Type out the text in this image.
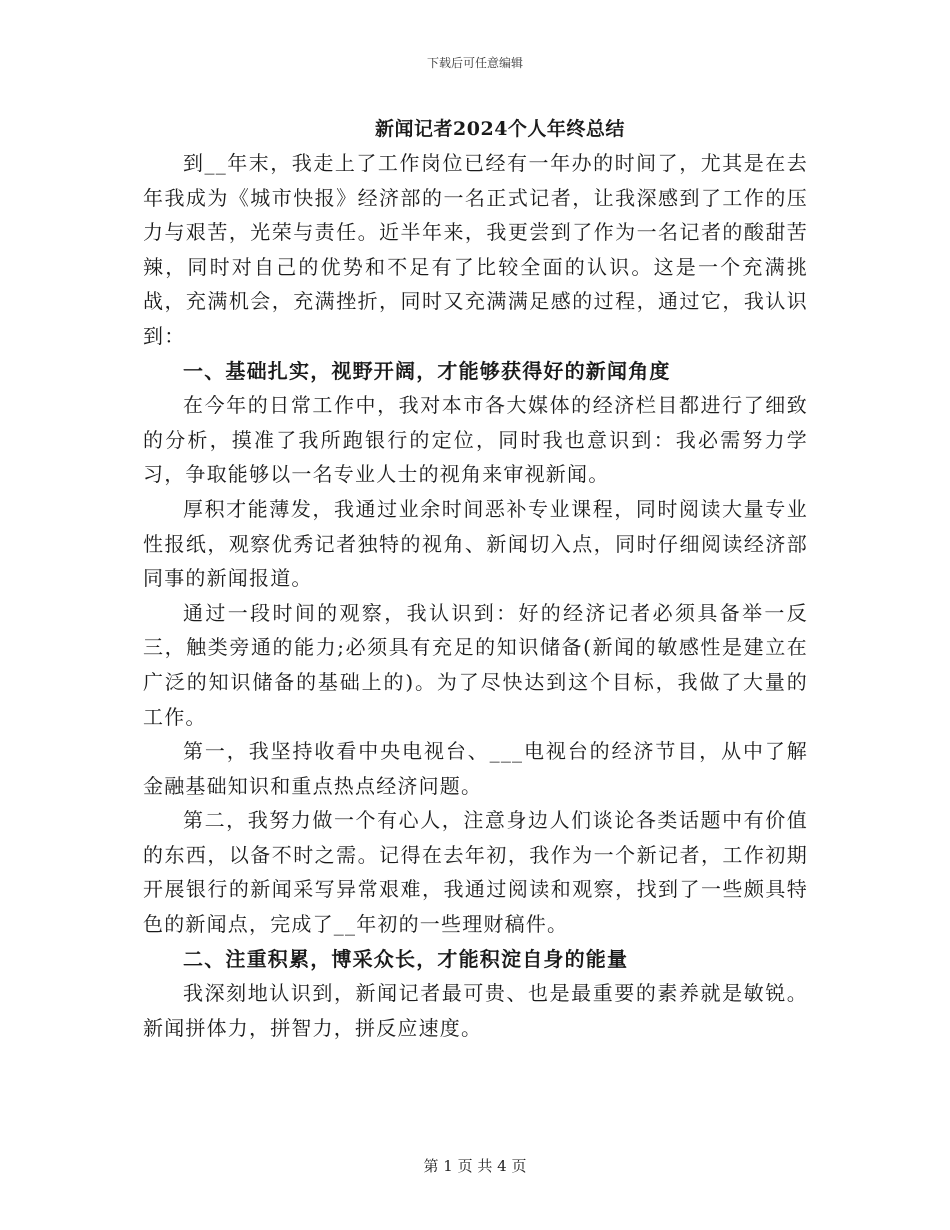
下载后可任意编辑
新闻记者2024个人年终总结

到__年末，我走上了工作岗位已经有一年办的时间了，尤其是在去年我成为《城市快报》经济部的一名正式记者，让我深感到了工作的压力与艰苦，光荣与责任。近半年来，我更尝到了作为一名记者的酸甜苦辣，同时对自己的优势和不足有了比较全面的认识。这是一个充满挑战，充满机会，充满挫折，同时又充满满足感的过程，通过它，我认识到：

一、基础扎实，视野开阔，才能够获得好的新闻角度

在今年的日常工作中，我对本市各大媒体的经济栏目都进行了细致的分析，摸准了我所跑银行的定位，同时我也意识到：我必需努力学习，争取能够以一名专业人士的视角来审视新闻。

厚积才能薄发，我通过业余时间恶补专业课程，同时阅读大量专业性报纸，观察优秀记者独特的视角、新闻切入点，同时仔细阅读经济部同事的新闻报道。

通过一段时间的观察，我认识到：好的经济记者必须具备举一反三，触类旁通的能力;必须具有充足的知识储备(新闻的敏感性是建立在广泛的知识储备的基础上的)。为了尽快达到这个目标，我做了大量的工作。

第一，我坚持收看中央电视台、___电视台的经济节目，从中了解金融基础知识和重点热点经济问题。

第二，我努力做一个有心人，注意身边人们谈论各类话题中有价值的东西，以备不时之需。记得在去年初，我作为一个新记者，工作初期开展银行的新闻采写异常艰难，我通过阅读和观察，找到了一些颇具特色的新闻点，完成了__年初的一些理财稿件。

二、注重积累，博采众长，才能积淀自身的能量

我深刻地认识到，新闻记者最可贵、也是最重要的素养就是敏锐。新闻拼体力，拼智力，拼反应速度。

第 1 页 共 4 页
